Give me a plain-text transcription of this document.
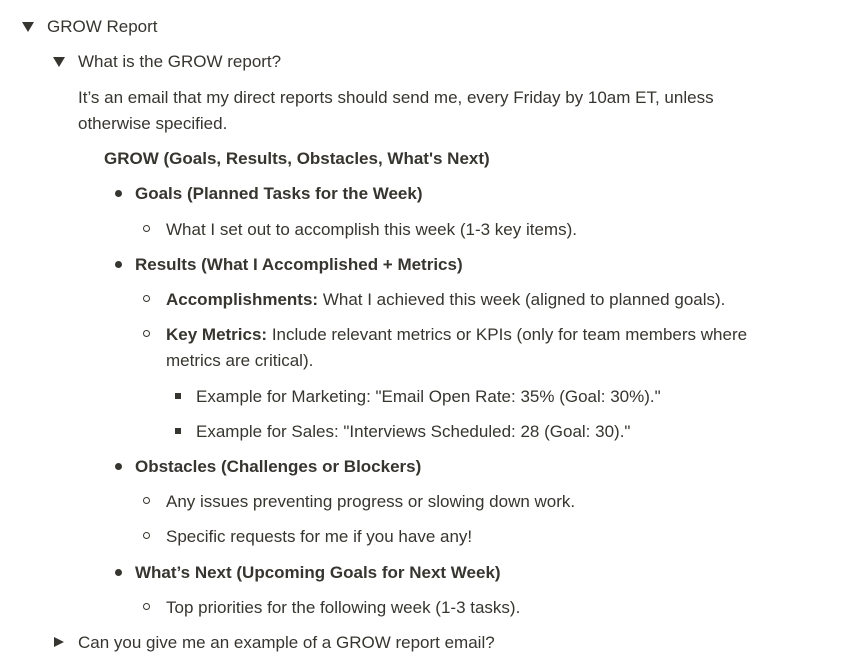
GROW Report
What is the GROW report?
It’s an email that my direct reports should send me, every Friday by 10am ET, unless
otherwise specified.
GROW (Goals, Results, Obstacles, What's Next)
Goals (Planned Tasks for the Week)
What I set out to accomplish this week (1-3 key items).
Results (What I Accomplished + Metrics)
Accomplishments: What I achieved this week (aligned to planned goals).
Key Metrics: Include relevant metrics or KPIs (only for team members where
metrics are critical).
Example for Marketing: "Email Open Rate: 35% (Goal: 30%)."
Example for Sales: "Interviews Scheduled: 28 (Goal: 30)."
Obstacles (Challenges or Blockers)
Any issues preventing progress or slowing down work.
Specific requests for me if you have any!
What’s Next (Upcoming Goals for Next Week)
Top priorities for the following week (1-3 tasks).
Can you give me an example of a GROW report email?
